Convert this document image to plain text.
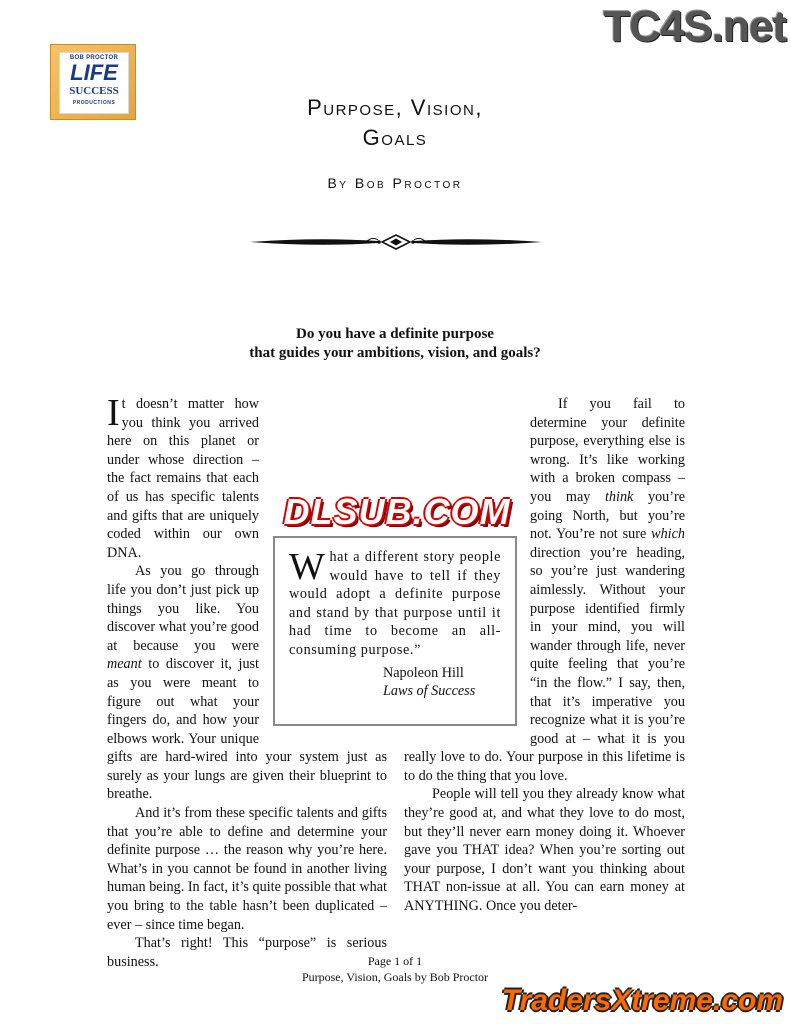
BOB PROCTOR
LIFE
SUCCESS
PRODUCTIONS
TC4S.net
Purpose, Vision,
Goals
By Bob Proctor
Do you have a definite purpose
that guides your ambitions, vision, and goals?

It doesn’t matter how you think you arrived here on this planet or under whose direction – the fact remains that each of us has specific talents and gifts that are uniquely coded within our own DNA.

As you go through life you don’t just pick up things you like. You discover what you’re good at because you were meant to discover it, just as you were meant to figure out what your fingers do, and how your elbows work. Your unique gifts are hard-wired into your system just as surely as your lungs are given their blueprint to breathe.

And it’s from these specific talents and gifts that you’re able to define and determine your definite purpose … the reason why you’re here. What’s in you cannot be found in another living human being. In fact, it’s quite possible that what you bring to the table hasn’t been duplicated – ever – since time began.

That’s right! This “purpose” is serious business.

If you fail to determine your definite purpose, everything else is wrong. It’s like working with a broken compass – you may think you’re going North, but you’re not. You’re not sure which direction you’re heading, so you’re just wandering aimlessly. Without your purpose identified firmly in your mind, you will wander through life, never quite feeling that you’re “in the flow.” I say, then, that it’s imperative you recognize what it is you’re good at – what it is you really love to do. Your purpose in this lifetime is to do the thing that you love.

People will tell you they already know what they’re good at, and what they love to do most, but they’ll never earn money doing it. Whoever gave you THAT idea? When you’re sorting out your purpose, I don’t want you thinking about THAT non-issue at all. You can earn money at ANYTHING. Once you deter-

What a different story people would have to tell if they would adopt a definite purpose and stand by that purpose until it had time to become an all-consuming purpose.”
Napoleon Hill
Laws of Success
DLSUB.COM
Page 1 of 1
Purpose, Vision, Goals by Bob Proctor
TradersXtreme.com
